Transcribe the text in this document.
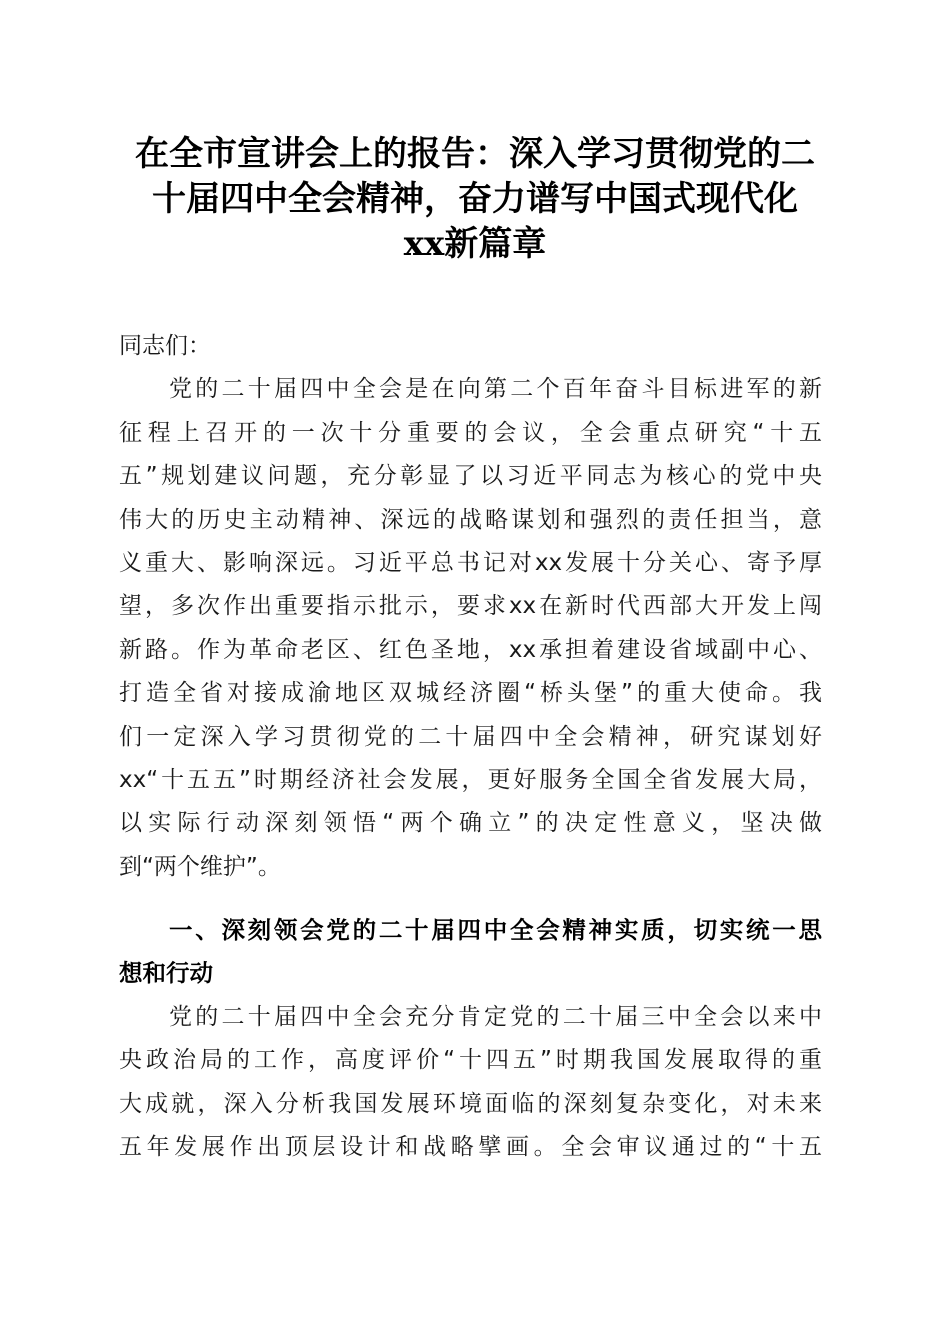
在全市宣讲会上的报告：深入学习贯彻党的二
十届四中全会精神，奋力谱写中国式现代化
xx新篇章
同志们：
党的二十届四中全会是在向第二个百年奋斗目标进军的新
征程上召开的一次十分重要的会议，全会重点研究“十五
五”规划建议问题，充分彰显了以习近平同志为核心的党中央
伟大的历史主动精神、深远的战略谋划和强烈的责任担当，意
义重大、影响深远。习近平总书记对xx发展十分关心、寄予厚
望，多次作出重要指示批示，要求xx在新时代西部大开发上闯
新路。作为革命老区、红色圣地，xx承担着建设省域副中心、
打造全省对接成渝地区双城经济圈“桥头堡”的重大使命。我
们一定深入学习贯彻党的二十届四中全会精神，研究谋划好
xx“十五五”时期经济社会发展，更好服务全国全省发展大局，
以实际行动深刻领悟“两个确立”的决定性意义，坚决做
到“两个维护”。
一、深刻领会党的二十届四中全会精神实质，切实统一思
想和行动
党的二十届四中全会充分肯定党的二十届三中全会以来中
央政治局的工作，高度评价“十四五”时期我国发展取得的重
大成就，深入分析我国发展环境面临的深刻复杂变化，对未来
五年发展作出顶层设计和战略擘画。全会审议通过的“十五
